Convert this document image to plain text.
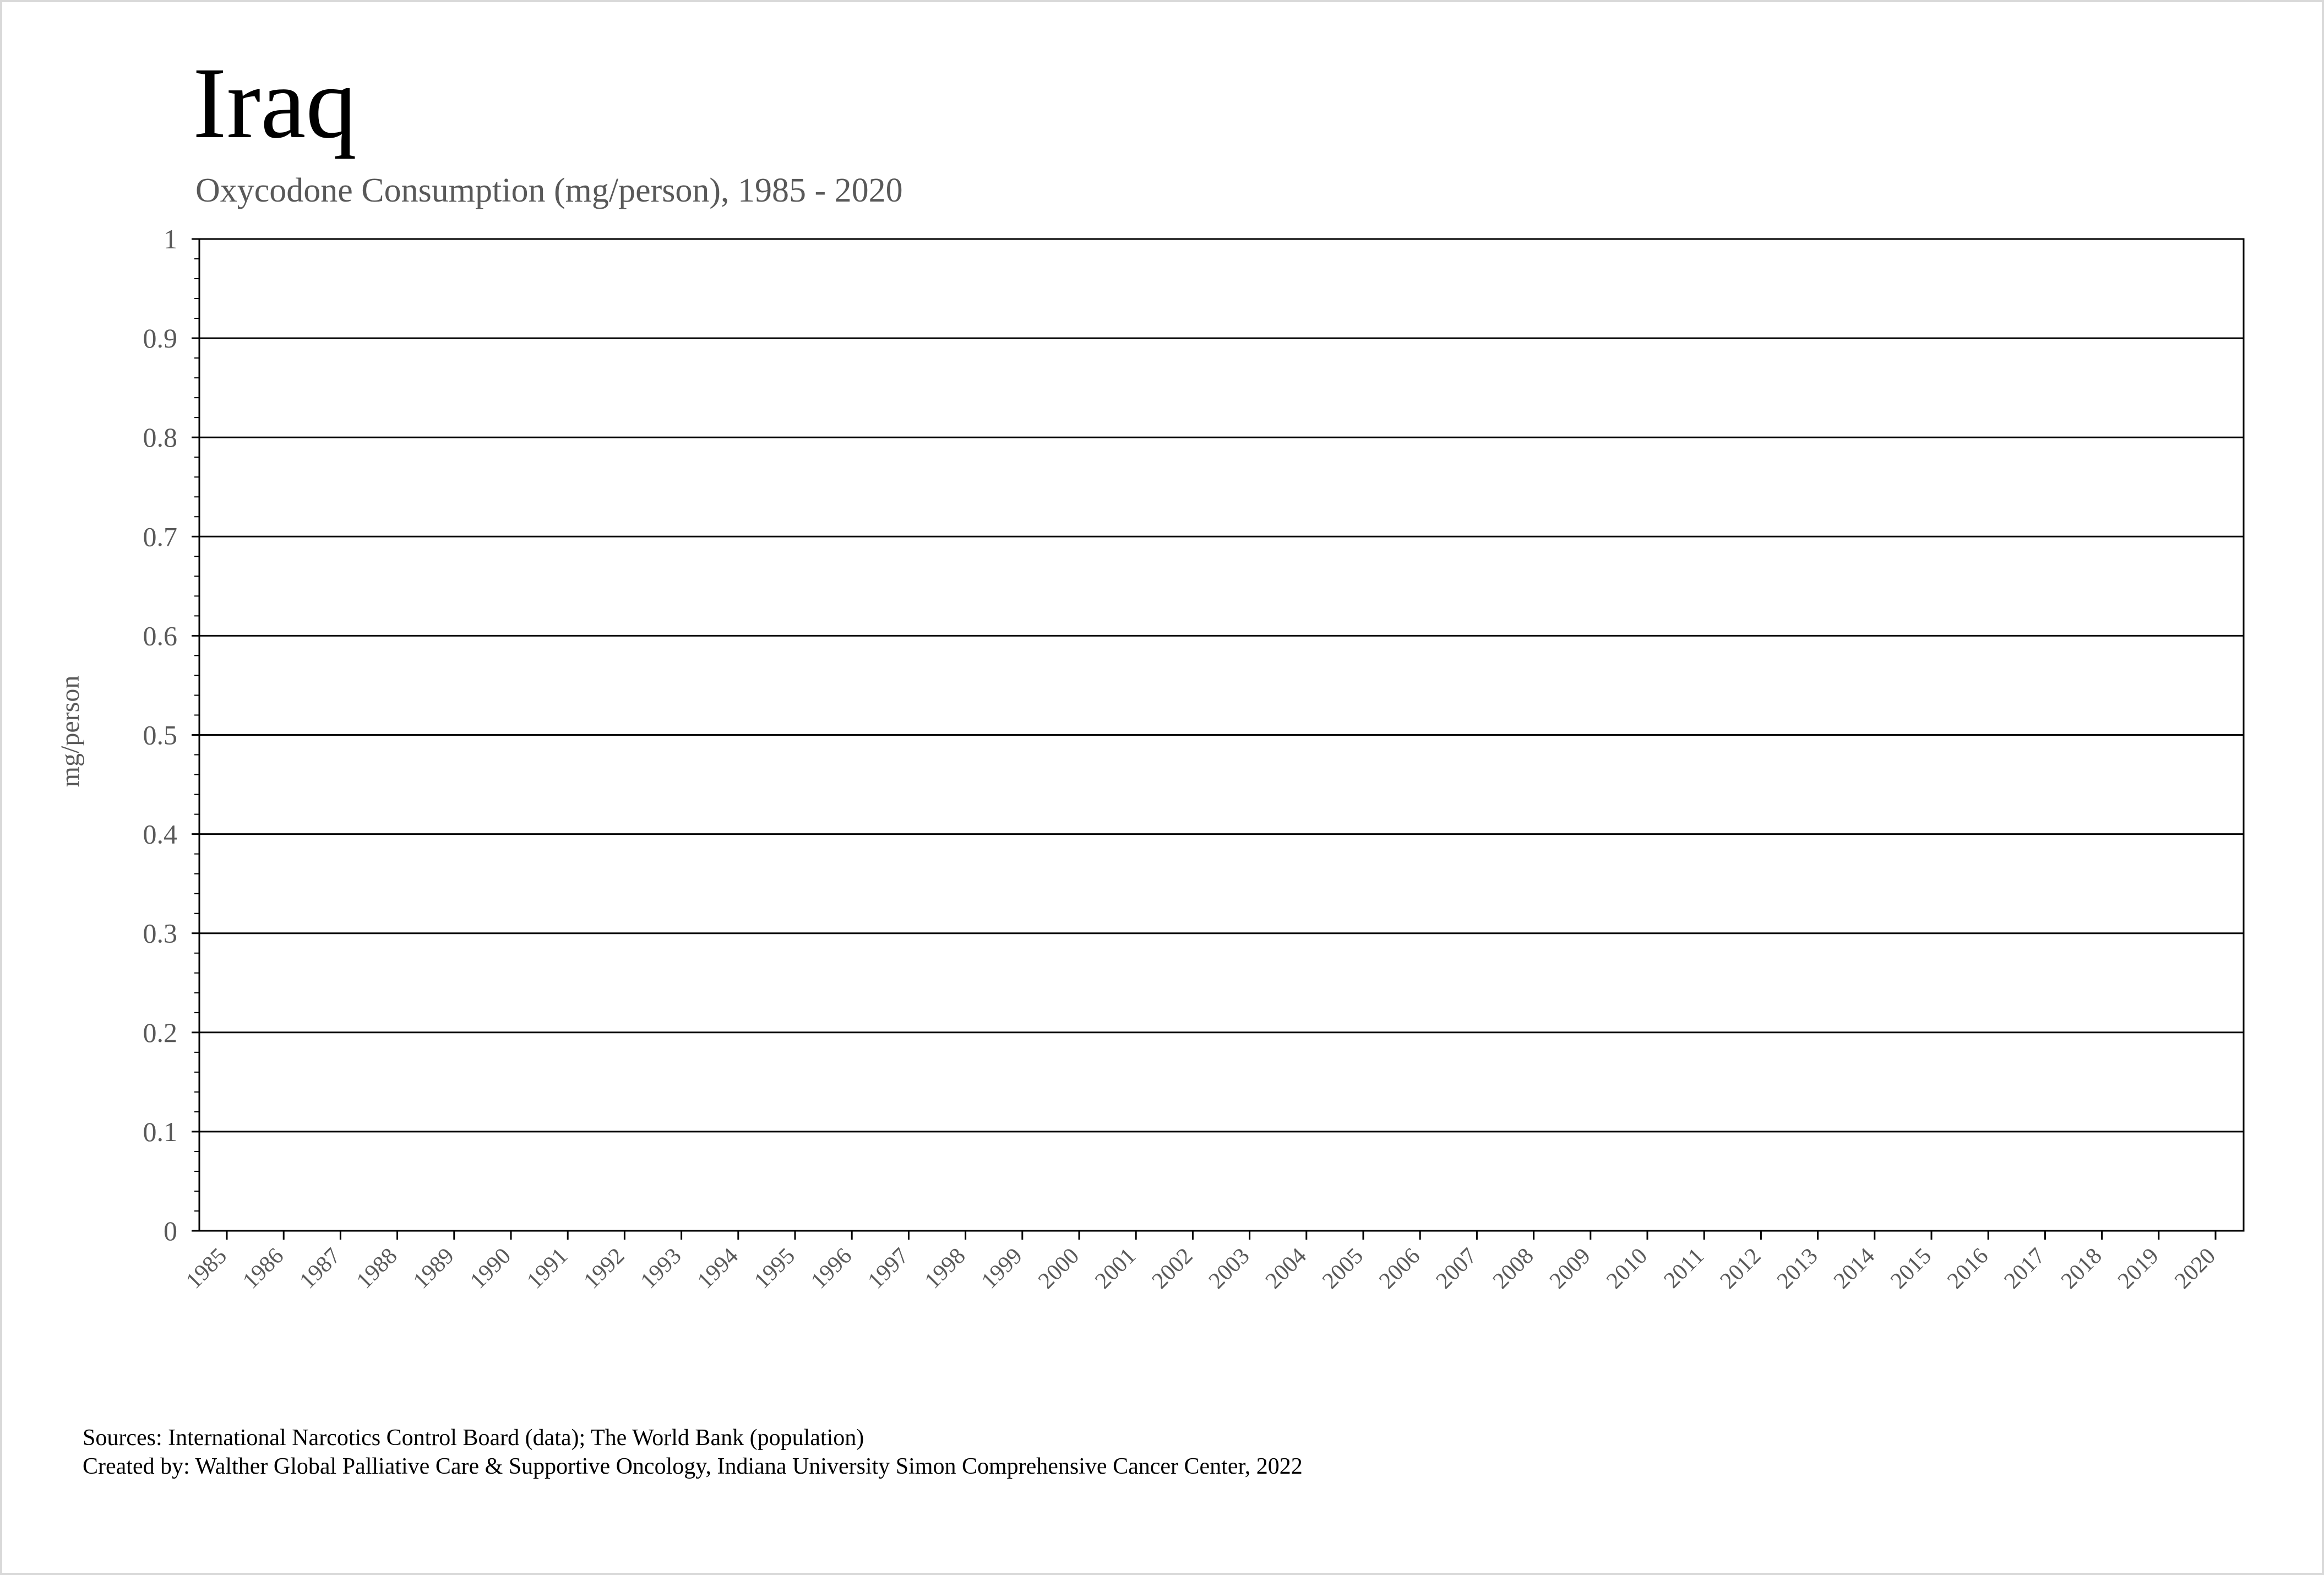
Iraq
Oxycodone Consumption (mg/person), 1985 - 2020
0
0.1
0.2
0.3
0.4
0.5
0.6
0.7
0.8
0.9
1
1985 1986 1987 1988 1989 1990 1991 1992 1993 1994 1995 1996 1997 1998 1999 2000 2001 2002 2003 2004 2005 2006 2007 2008 2009 2010 2011 2012 2013 2014 2015 2016 2017 2018 2019 2020
mg/person
Sources: International Narcotics Control Board (data); The World Bank (population)
Created by: Walther Global Palliative Care & Supportive Oncology, Indiana University Simon Comprehensive Cancer Center, 2022
